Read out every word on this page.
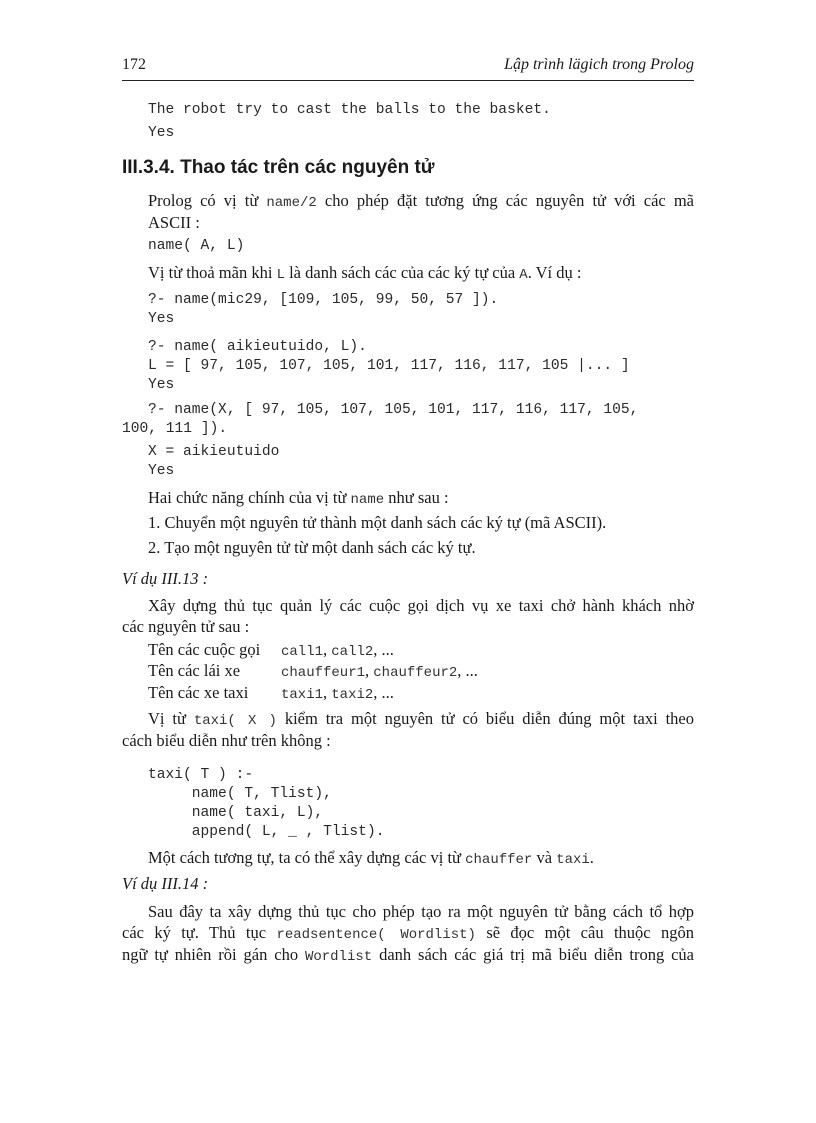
172	Lập trình lägich trong Prolog
The robot try to cast the balls to the basket.
Yes
III.3.4. Thao tác trên các nguyên tử
Prolog có vị từ name/2 cho phép đặt tương ứng các nguyên tử với các mã
ASCII :
name( A, L)
Vị từ thoả mãn khi L là danh sách các của các ký tự của A. Ví dụ :
?- name(mic29, [109, 105, 99, 50, 57 ]).
Yes
?- name( aikieutuido, L).
L = [ 97, 105, 107, 105, 101, 117, 116, 117, 105 |... ]
Yes
?- name(X, [ 97, 105, 107, 105, 101, 117, 116, 117, 105,
100, 111 ]).
X = aikieutuido
Yes
Hai chức năng chính của vị từ name như sau :
1. Chuyển một nguyên tử thành một danh sách các ký tự (mã ASCII).
2. Tạo một nguyên tử từ một danh sách các ký tự.
Ví dụ III.13 :
Xây dựng thủ tục quản lý các cuộc gọi dịch vụ xe taxi chở hành khách nhờ
các nguyên tử sau :
Tên các cuộc gọi call1, call2, ...
Tên các lái xe	chauffeur1, chauffeur2, ...
Tên các xe taxi taxi1, taxi2, ...
Vị từ taxi( X ) kiểm tra một nguyên tử có biểu diễn đúng một taxi theo
cách biểu diễn như trên không :
taxi( T ) :-
name( T, Tlist),
name( taxi, L),
append( L, _ , Tlist).
Một cách tương tự, ta có thể xây dựng các vị từ chauffer và taxi.
Ví dụ III.14 :
Sau đây ta xây dựng thủ tục cho phép tạo ra một nguyên tử bằng cách tổ hợp
các ký tự. Thủ tục readsentence( Wordlist) sẽ đọc một câu thuộc ngôn
ngữ tự nhiên rồi gán cho Wordlist danh sách các giá trị mã biểu diễn trong của
